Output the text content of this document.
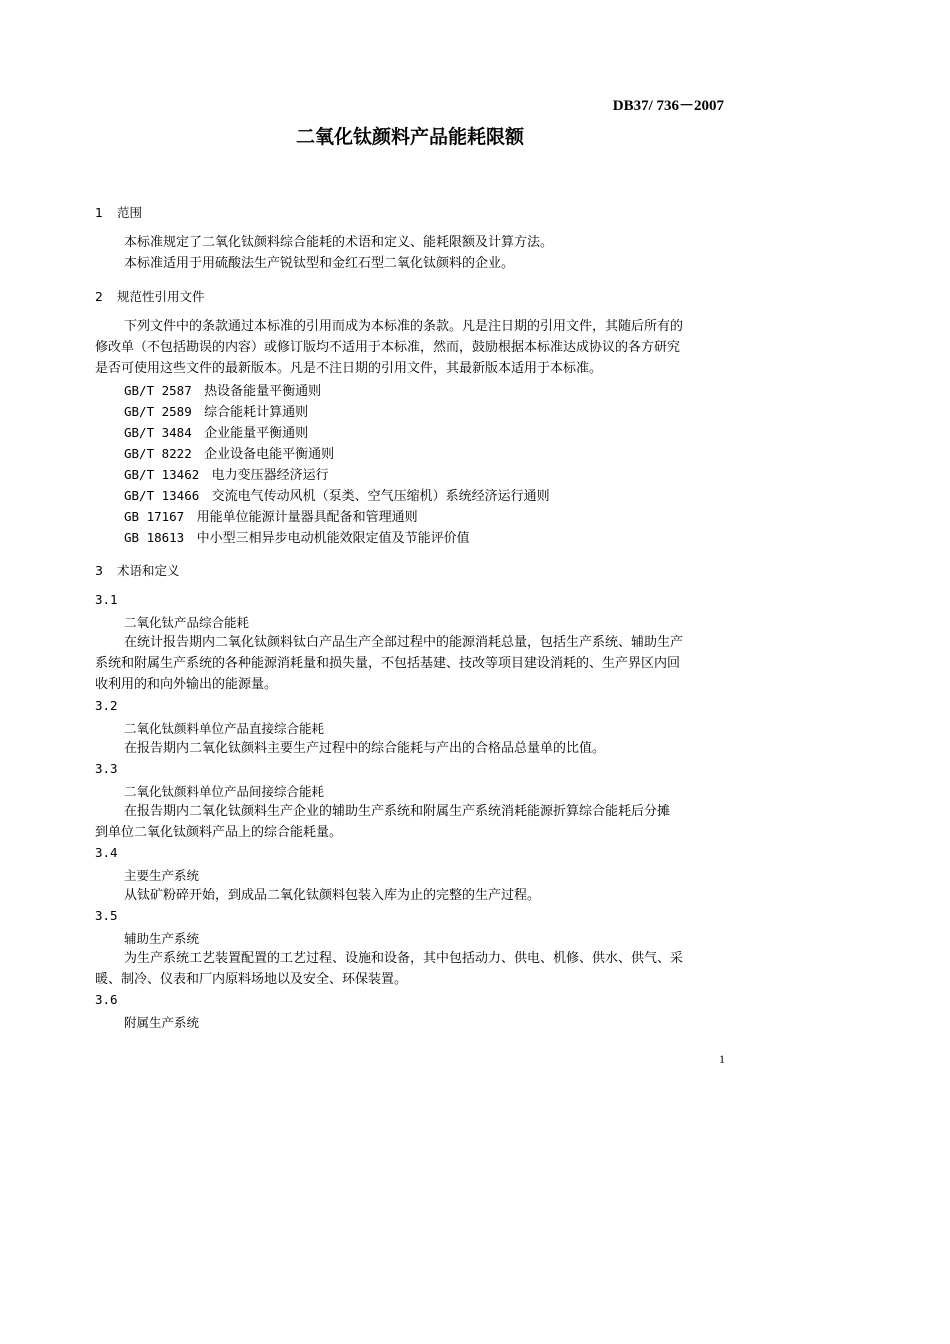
DB37/ 736－2007
二氧化钛颜料产品能耗限额
1 范围
本标准规定了二氧化钛颜料综合能耗的术语和定义、能耗限额及计算方法。
本标准适用于用硫酸法生产锐钛型和金红石型二氧化钛颜料的企业。
2 规范性引用文件
下列文件中的条款通过本标准的引用而成为本标准的条款。凡是注日期的引用文件，其随后所有的
修改单（不包括勘误的内容）或修订版均不适用于本标准，然而，鼓励根据本标准达成协议的各方研究
是否可使用这些文件的最新版本。凡是不注日期的引用文件，其最新版本适用于本标准。
GB/T 2587 热设备能量平衡通则
GB/T 2589 综合能耗计算通则
GB/T 3484 企业能量平衡通则
GB/T 8222 企业设备电能平衡通则
GB/T 13462 电力变压器经济运行
GB/T 13466 交流电气传动风机（泵类、空气压缩机）系统经济运行通则
GB 17167 用能单位能源计量器具配备和管理通则
GB 18613 中小型三相异步电动机能效限定值及节能评价值
3 术语和定义
3.1
二氧化钛产品综合能耗
在统计报告期内二氧化钛颜料钛白产品生产全部过程中的能源消耗总量，包括生产系统、辅助生产
系统和附属生产系统的各种能源消耗量和损失量，不包括基建、技改等项目建设消耗的、生产界区内回
收利用的和向外输出的能源量。
3.2
二氧化钛颜料单位产品直接综合能耗
在报告期内二氧化钛颜料主要生产过程中的综合能耗与产出的合格品总量单的比值。
3.3
二氧化钛颜料单位产品间接综合能耗
在报告期内二氧化钛颜料生产企业的辅助生产系统和附属生产系统消耗能源折算综合能耗后分摊
到单位二氧化钛颜料产品上的综合能耗量。
3.4
主要生产系统
从钛矿粉碎开始，到成品二氧化钛颜料包装入库为止的完整的生产过程。
3.5
辅助生产系统
为生产系统工艺装置配置的工艺过程、设施和设备，其中包括动力、供电、机修、供水、供气、采
暖、制冷、仪表和厂内原料场地以及安全、环保装置。
3.6
附属生产系统
1
